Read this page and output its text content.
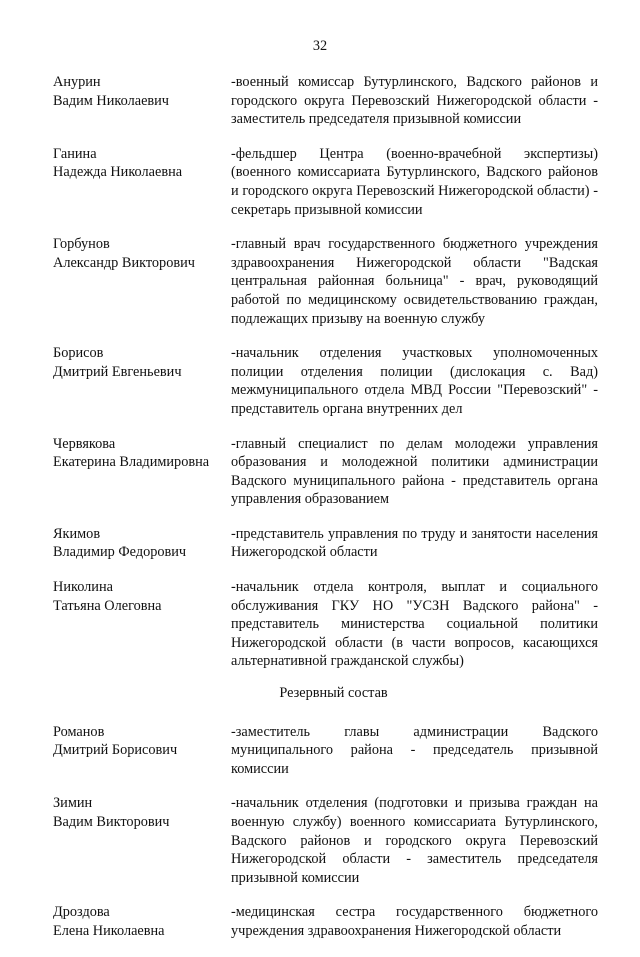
32
Анурин
Вадим Николаевич
-военный комиссар Бутурлинского, Вадского районов и городского округа Перевозский Нижегородской области - заместитель председателя призывной комиссии
Ганина
Надежда Николаевна
-фельдшер Центра (военно-врачебной экспертизы) (военного комиссариата Бутурлинского, Вадского районов и городского округа Перевозский Нижегородской области) - секретарь призывной комиссии
Горбунов
Александр Викторович
-главный врач государственного бюджетного учреждения здравоохранения Нижегородской области "Вадская центральная районная больница" - врач, руководящий работой по медицинскому освидетельствованию граждан, подлежащих призыву на военную службу
Борисов
Дмитрий Евгеньевич
-начальник отделения участковых уполномоченных полиции отделения полиции (дислокация с. Вад) межмуниципального отдела МВД России "Перевозский" - представитель органа внутренних дел
Червякова
Екатерина Владимировна
-главный специалист по делам молодежи управления образования и молодежной политики администрации Вадского муниципального района - представитель органа управления образованием
Якимов
Владимир Федорович
-представитель управления по труду и занятости населения Нижегородской области
Николина
Татьяна Олеговна
-начальник отдела контроля, выплат и социального обслуживания ГКУ НО "УСЗН Вадского района" - представитель министерства социальной политики Нижегородской области (в части вопросов, касающихся альтернативной гражданской службы)
Резервный состав
Романов
Дмитрий Борисович
-заместитель главы администрации Вадского муниципального района - председатель призывной комиссии
Зимин
Вадим Викторович
-начальник отделения (подготовки и призыва граждан на военную службу) военного комиссариата Бутурлинского, Вадского районов и городского округа Перевозский Нижегородской области - заместитель председателя призывной комиссии
Дроздова
Елена Николаевна
-медицинская сестра государственного бюджетного учреждения здравоохранения Нижегородской области
